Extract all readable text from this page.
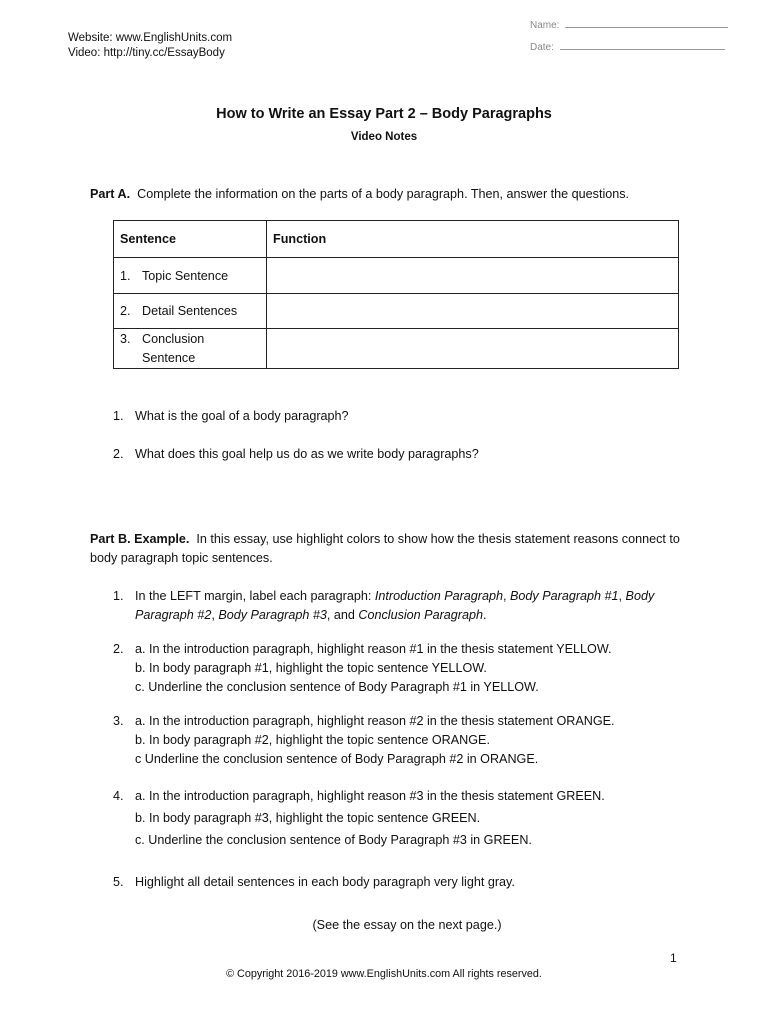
Website: www.EnglishUnits.com
Video: http://tiny.cc/EssayBody
Name:
Date:
How to Write an Essay Part 2 – Body Paragraphs
Video Notes
Part A. Complete the information on the parts of a body paragraph. Then, answer the questions.
Sentence	Function

1. Topic Sentence	

2. Detail Sentences	

3. Conclusion Sentence	

1. What is the goal of a body paragraph?
2. What does this goal help us do as we write body paragraphs?
Part B. Example. In this essay, use highlight colors to show how the thesis statement reasons connect to body paragraph topic sentences.
1. In the LEFT margin, label each paragraph: Introduction Paragraph, Body Paragraph #1, Body Paragraph #2, Body Paragraph #3, and Conclusion Paragraph.
2. a. In the introduction paragraph, highlight reason #1 in the thesis statement YELLOW.
b. In body paragraph #1, highlight the topic sentence YELLOW.
c. Underline the conclusion sentence of Body Paragraph #1 in YELLOW.
3. a. In the introduction paragraph, highlight reason #2 in the thesis statement ORANGE.
b. In body paragraph #2, highlight the topic sentence ORANGE.
c Underline the conclusion sentence of Body Paragraph #2 in ORANGE.
4. a. In the introduction paragraph, highlight reason #3 in the thesis statement GREEN.
b. In body paragraph #3, highlight the topic sentence GREEN.
c. Underline the conclusion sentence of Body Paragraph #3 in GREEN.
5. Highlight all detail sentences in each body paragraph very light gray.
(See the essay on the next page.)
1
© Copyright 2016-2019 www.EnglishUnits.com All rights reserved.
